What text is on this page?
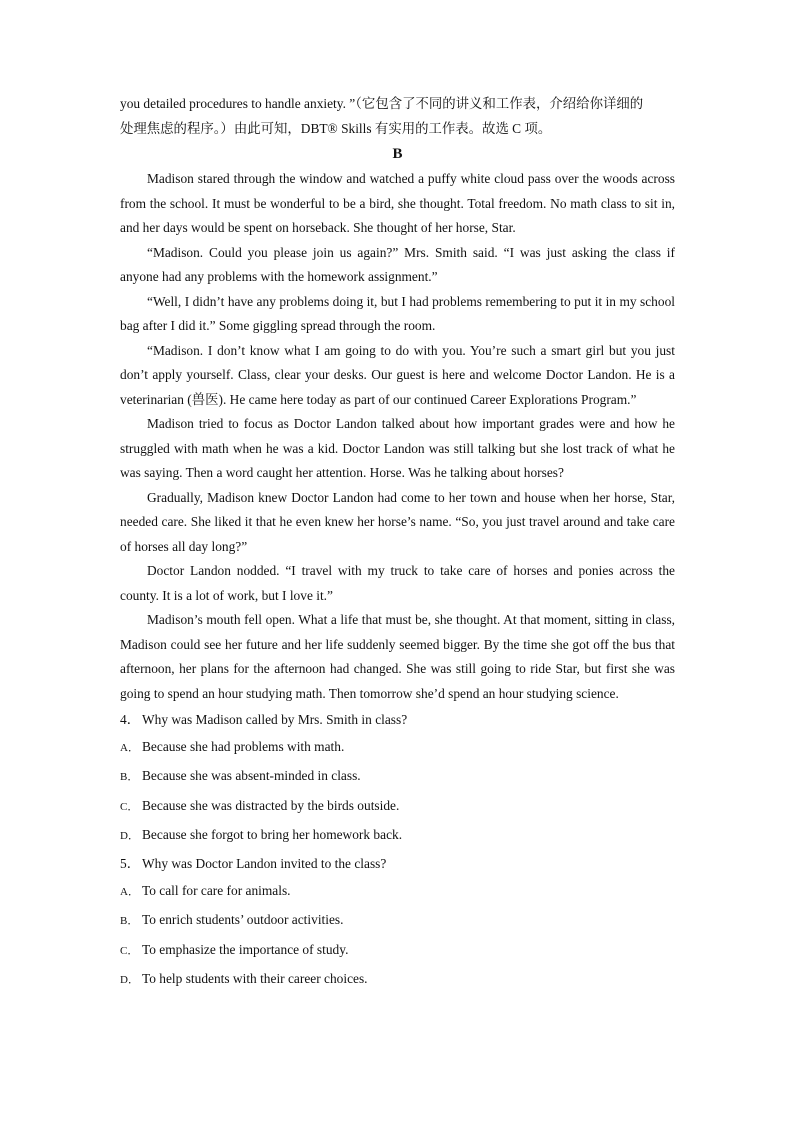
you detailed procedures to handle anxiety. ”（它包含了不同的讲义和工作表，介绍给你详细的
处理焦虑的程序。）由此可知，DBT® Skills 有实用的工作表。故选 C 项。

B

Madison stared through the window and watched a puffy white cloud pass over the woods across from the school. It must be wonderful to be a bird, she thought. Total freedom. No math class to sit in, and her days would be spent on horseback. She thought of her horse, Star.

“Madison. Could you please join us again?” Mrs. Smith said. “I was just asking the class if anyone had any problems with the homework assignment.”

“Well, I didn’t have any problems doing it, but I had problems remembering to put it in my school bag after I did it.” Some giggling spread through the room.

“Madison. I don’t know what I am going to do with you. You’re such a smart girl but you just don’t apply yourself. Class, clear your desks. Our guest is here and welcome Doctor Landon. He is a veterinarian (兽医). He came here today as part of our continued Career Explorations Program.”

Madison tried to focus as Doctor Landon talked about how important grades were and how he struggled with math when he was a kid. Doctor Landon was still talking but she lost track of what he was saying. Then a word caught her attention. Horse. Was he talking about horses?

Gradually, Madison knew Doctor Landon had come to her town and house when her horse, Star, needed care. She liked it that he even knew her horse’s name. “So, you just travel around and take care of horses all day long?”

Doctor Landon nodded. “I travel with my truck to take care of horses and ponies across the county. It is a lot of work, but I love it.”

Madison’s mouth fell open. What a life that must be, she thought. At that moment, sitting in class, Madison could see her future and her life suddenly seemed bigger. By the time she got off the bus that afternoon, her plans for the afternoon had changed. She was still going to ride Star, but first she was going to spend an hour studying math. Then tomorrow she’d spend an hour studying science.

4． Why was Madison called by Mrs. Smith in class?

A． Because she had problems with math.

B． Because she was absent-minded in class.

C． Because she was distracted by the birds outside.

D． Because she forgot to bring her homework back.

5． Why was Doctor Landon invited to the class?

A． To call for care for animals.

B． To enrich students’ outdoor activities.

C． To emphasize the importance of study.

D． To help students with their career choices.
